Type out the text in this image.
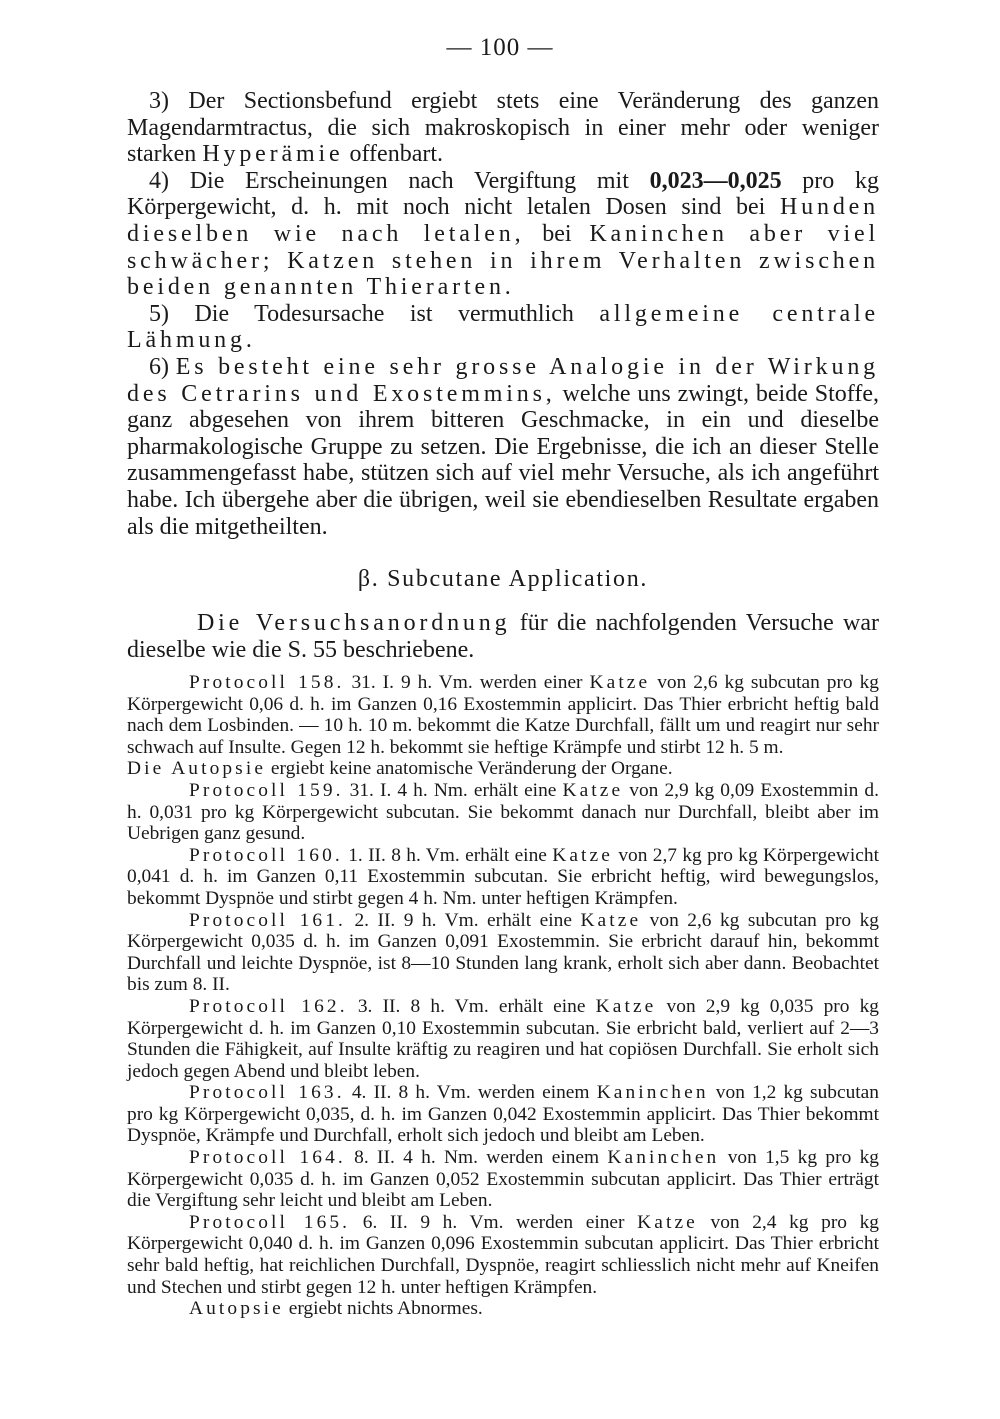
— 100 —

3) Der Sectionsbefund ergiebt stets eine Veränderung des ganzen Magendarmtractus, die sich makroskopisch in einer mehr oder weniger starken Hyperämie offenbart.

4) Die Erscheinungen nach Vergiftung mit 0,023—0,025 pro kg Körpergewicht, d. h. mit noch nicht letalen Dosen sind bei Hunden dieselben wie nach letalen, bei Kaninchen aber viel schwächer; Katzen stehen in ihrem Verhalten zwischen beiden genannten Thierarten.

5) Die Todesursache ist vermuthlich allgemeine centrale Lähmung.

6) Es besteht eine sehr grosse Analogie in der Wirkung des Cetrarins und Exostemmins, welche uns zwingt, beide Stoffe, ganz abgesehen von ihrem bitteren Geschmacke, in ein und dieselbe pharmakologische Gruppe zu setzen. Die Ergebnisse, die ich an dieser Stelle zusammengefasst habe, stützen sich auf viel mehr Versuche, als ich angeführt habe. Ich übergehe aber die übrigen, weil sie ebendieselben Resultate ergaben als die mitgetheilten.

β. Subcutane Application.

Die Versuchsanordnung für die nachfolgenden Versuche war dieselbe wie die S. 55 beschriebene.

Protocoll 158. 31. I. 9 h. Vm. werden einer Katze von 2,6 kg subcutan pro kg Körpergewicht 0,06 d. h. im Ganzen 0,16 Exostemmin applicirt. Das Thier erbricht heftig bald nach dem Losbinden. — 10 h. 10 m. bekommt die Katze Durchfall, fällt um und reagirt nur sehr schwach auf Insulte. Gegen 12 h. bekommt sie heftige Krämpfe und stirbt 12 h. 5 m.

Die Autopsie ergiebt keine anatomische Veränderung der Organe.

Protocoll 159. 31. I. 4 h. Nm. erhält eine Katze von 2,9 kg 0,09 Exostemmin d. h. 0,031 pro kg Körpergewicht subcutan. Sie bekommt danach nur Durchfall, bleibt aber im Uebrigen ganz gesund.

Protocoll 160. 1. II. 8 h. Vm. erhält eine Katze von 2,7 kg pro kg Körpergewicht 0,041 d. h. im Ganzen 0,11 Exostemmin subcutan. Sie erbricht heftig, wird bewegungslos, bekommt Dyspnöe und stirbt gegen 4 h. Nm. unter heftigen Krämpfen.

Protocoll 161. 2. II. 9 h. Vm. erhält eine Katze von 2,6 kg subcutan pro kg Körpergewicht 0,035 d. h. im Ganzen 0,091 Exostemmin. Sie erbricht darauf hin, bekommt Durchfall und leichte Dyspnöe, ist 8—10 Stunden lang krank, erholt sich aber dann. Beobachtet bis zum 8. II.

Protocoll 162. 3. II. 8 h. Vm. erhält eine Katze von 2,9 kg 0,035 pro kg Körpergewicht d. h. im Ganzen 0,10 Exostemmin subcutan. Sie erbricht bald, verliert auf 2—3 Stunden die Fähigkeit, auf Insulte kräftig zu reagiren und hat copiösen Durchfall. Sie erholt sich jedoch gegen Abend und bleibt leben.

Protocoll 163. 4. II. 8 h. Vm. werden einem Kaninchen von 1,2 kg subcutan pro kg Körpergewicht 0,035, d. h. im Ganzen 0,042 Exostemmin applicirt. Das Thier bekommt Dyspnöe, Krämpfe und Durchfall, erholt sich jedoch und bleibt am Leben.

Protocoll 164. 8. II. 4 h. Nm. werden einem Kaninchen von 1,5 kg pro kg Körpergewicht 0,035 d. h. im Ganzen 0,052 Exostemmin subcutan applicirt. Das Thier erträgt die Vergiftung sehr leicht und bleibt am Leben.

Protocoll 165. 6. II. 9 h. Vm. werden einer Katze von 2,4 kg pro kg Körpergewicht 0,040 d. h. im Ganzen 0,096 Exostemmin subcutan applicirt. Das Thier erbricht sehr bald heftig, hat reichlichen Durchfall, Dyspnöe, reagirt schliesslich nicht mehr auf Kneifen und Stechen und stirbt gegen 12 h. unter heftigen Krämpfen.

Autopsie ergiebt nichts Abnormes.
